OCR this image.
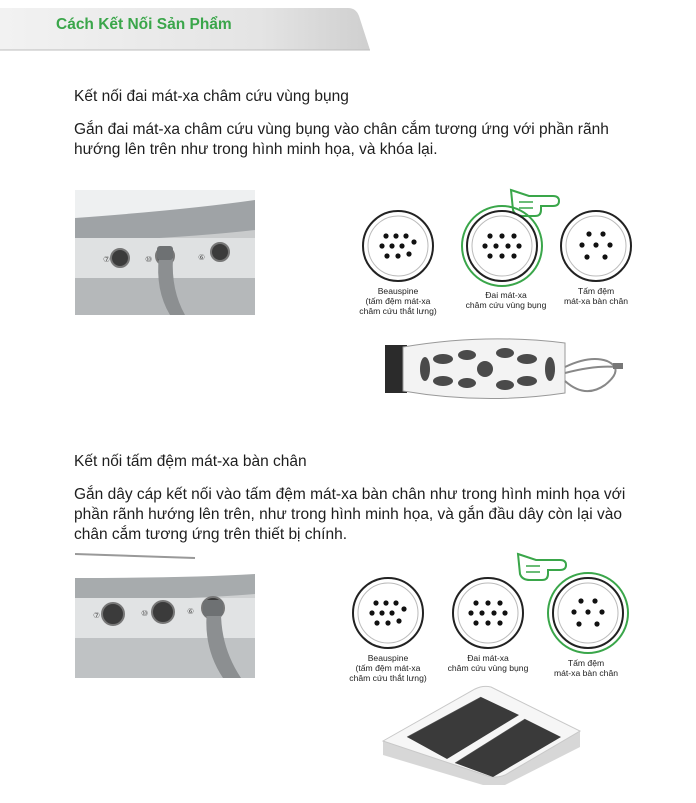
Cách Kết Nối Sản Phẩm
Kết nối đai mát-xa châm cứu vùng bụng
Gắn đai mát-xa châm cứu vùng bụng vào chân cắm tương ứng với phần rãnh
hướng lên trên như trong hình minh họa, và khóa lại.
⑦	⑩	⑥
Beauspine
(tấm đệm mát-xa
châm cứu thắt lưng)
Đai mát-xa
châm cứu vùng bụng
Tấm đệm
mát-xa bàn chân
Kết nối tấm đệm mát-xa bàn chân
Gắn dây cáp kết nối vào tấm đệm mát-xa bàn chân như trong hình minh họa với
phần rãnh hướng lên trên, như trong hình minh họa, và gắn đầu dây còn lại vào
chân cắm tương ứng trên thiết bị chính.
⑦	⑩	⑥
Beauspine
(tấm đệm mát-xa
châm cứu thắt lưng)
Đai mát-xa
châm cứu vùng bụng	Tấm đệm
mát-xa bàn chân
